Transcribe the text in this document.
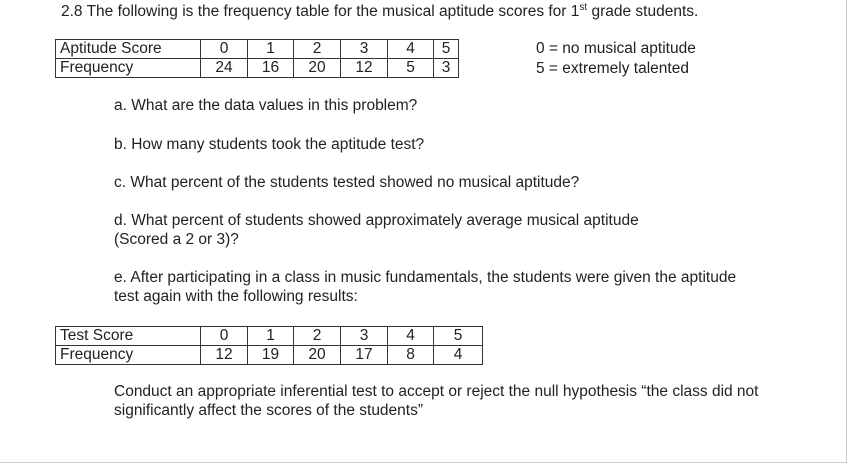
2.8 The following is the frequency table for the musical aptitude scores for 1st grade students.
Aptitude Score	0	1	2	3	4	5
Frequency	24	16	20	12	5	3
0 = no musical aptitude
5 = extremely talented
a. What are the data values in this problem?
b. How many students took the aptitude test?
c. What percent of the students tested showed no musical aptitude?
d. What percent of students showed approximately average musical aptitude
(Scored a 2 or 3)?
e. After participating in a class in music fundamentals, the students were given the aptitude
test again with the following results:
Test Score	0	1	2	3	4	5
Frequency	12	19	20	17	8	4
Conduct an appropriate inferential test to accept or reject the null hypothesis “the class did not
significantly affect the scores of the students”
